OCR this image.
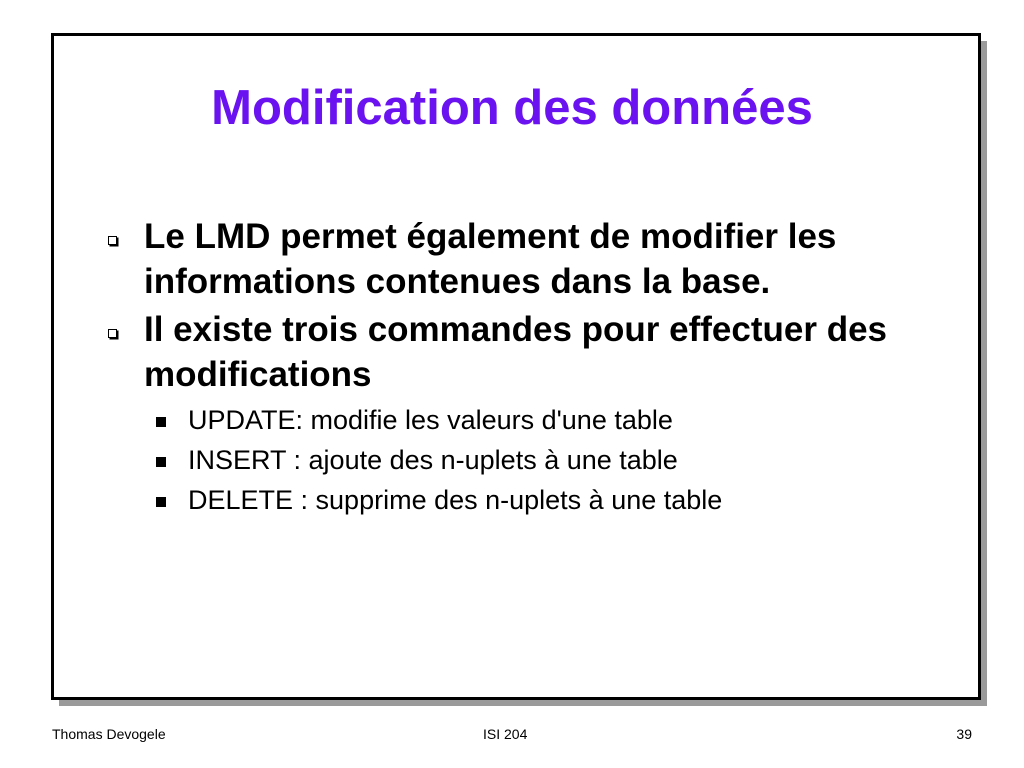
Modification des données
Le LMD permet également de modifier les informations contenues dans la base.
Il existe trois commandes pour effectuer des modifications
UPDATE: modifie les valeurs d'une table
INSERT : ajoute des n-uplets à une table
DELETE : supprime des n-uplets à une table
Thomas Devogele	ISI 204	39
